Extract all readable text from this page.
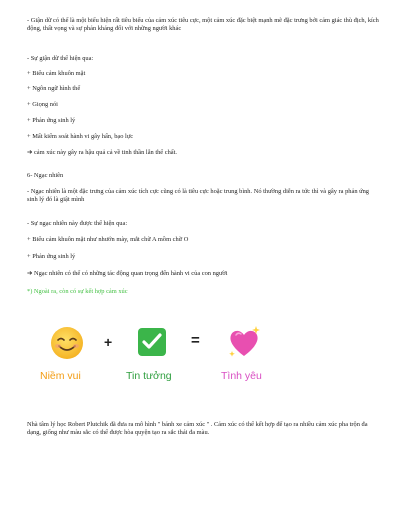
- Giận dữ có thể là một biểu hiện rất tiêu biểu của cảm xúc tiêu cực, một cảm xúc đặc biệt mạnh mẽ đặc trưng bởi cảm giác thù địch, kích động, thất vọng và sự phản kháng đối với những người khác
- Sự giận dữ thể hiện qua:
+ Biểu cảm khuôn mặt
+ Ngôn ngữ hình thể
+ Giọng nói
+ Phản ứng sinh lý
+ Mất kiểm soát hành vi gây hấn, bạo lực
➔ cảm xúc này gây ra hậu quả cả về tinh thần lẫn thể chất.
6- Ngạc nhiên
- Ngạc nhiên là một đặc trưng của cảm xúc tích cực cũng có là tiêu cực hoặc trung bình. Nó thường diễn ra tức thì và gây ra phản ứng sinh lý đó là giật mình
- Sự ngạc nhiên này được thể hiện qua:
+ Biểu cảm khuôn mặt như nhướn mày, mắt chữ A mồm chữ O
+ Phản ứng sinh lý
➔ Ngạc nhiên có thể có những tác động quan trọng đến hành vi của con người
*) Ngoài ra, còn có sự kết hợp cảm xúc
+	=
Niềm vui	Tin tưởng	Tình yêu
Nhà tâm lý học Robert Plutchik đã đưa ra mô hình " bánh xe cảm xúc " . Cảm xúc có thể kết hợp để tạo ra nhiều cảm xúc pha trộn đa dạng, giống như màu sắc có thể được hòa quyện tạo ra sắc thái đa màu.
